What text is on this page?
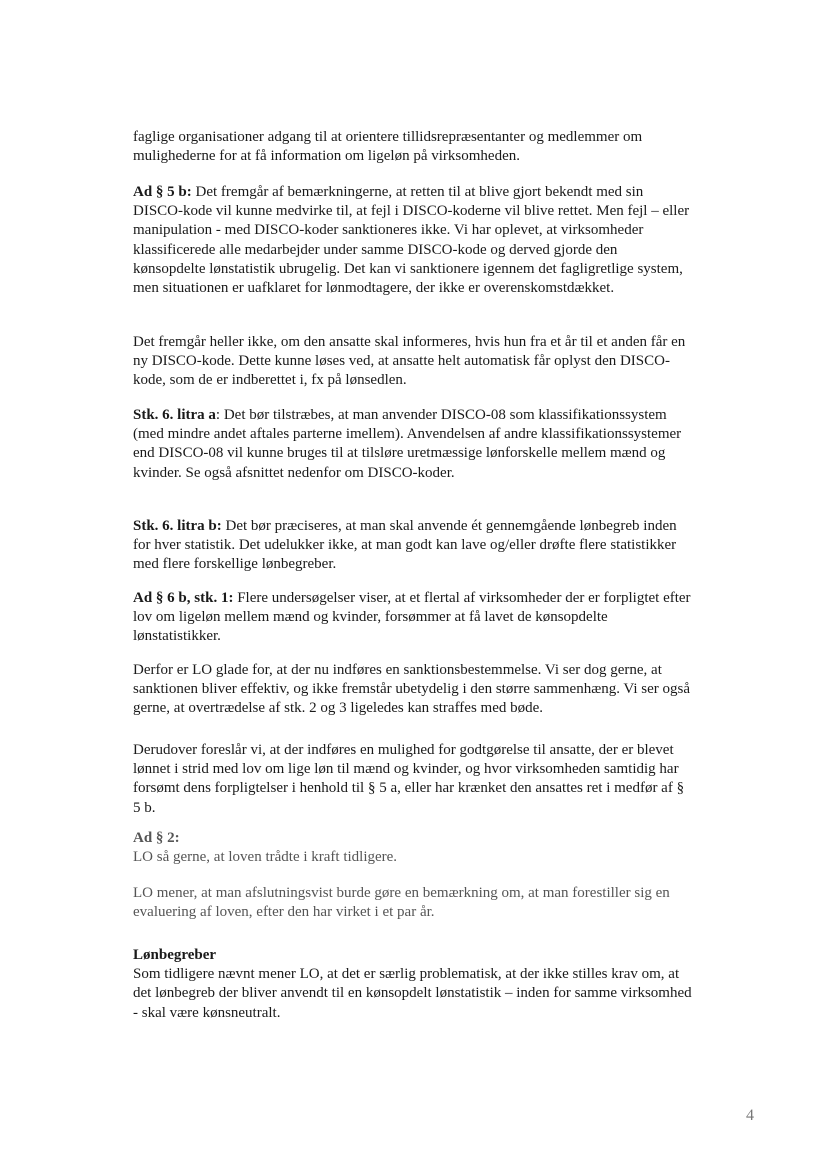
faglige organisationer adgang til at orientere tillidsrepræsentanter og medlemmer om mulighederne for at få information om ligeløn på virksomheden.

Ad § 5 b: Det fremgår af bemærkningerne, at retten til at blive gjort bekendt med sin DISCO-kode vil kunne medvirke til, at fejl i DISCO-koderne vil blive rettet. Men fejl – eller manipulation - med DISCO-koder sanktioneres ikke. Vi har oplevet, at virksomheder klassificerede alle medarbejder under samme DISCO-kode og derved gjorde den kønsopdelte lønstatistik ubrugelig. Det kan vi sanktionere igennem det fagligretlige system, men situationen er uafklaret for lønmodtagere, der ikke er overenskomstdækket.

Det fremgår heller ikke, om den ansatte skal informeres, hvis hun fra et år til et anden får en ny DISCO-kode. Dette kunne løses ved, at ansatte helt automatisk får oplyst den DISCO-kode, som de er indberettet i, fx på lønsedlen.

Stk. 6. litra a: Det bør tilstræbes, at man anvender DISCO-08 som klassifikationssystem (med mindre andet aftales parterne imellem). Anvendelsen af andre klassifikationssystemer end DISCO-08 vil kunne bruges til at tilsløre uretmæssige lønforskelle mellem mænd og kvinder. Se også afsnittet nedenfor om DISCO-koder.

Stk. 6. litra b: Det bør præciseres, at man skal anvende ét gennemgående lønbegreb inden for hver statistik. Det udelukker ikke, at man godt kan lave og/eller drøfte flere statistikker med flere forskellige lønbegreber.

Ad § 6 b, stk. 1: Flere undersøgelser viser, at et flertal af virksomheder der er forpligtet efter lov om ligeløn mellem mænd og kvinder, forsømmer at få lavet de kønsopdelte lønstatistikker.

Derfor er LO glade for, at der nu indføres en sanktionsbestemmelse. Vi ser dog gerne, at sanktionen bliver effektiv, og ikke fremstår ubetydelig i den større sammenhæng. Vi ser også gerne, at overtrædelse af stk. 2 og 3 ligeledes kan straffes med bøde.

Derudover foreslår vi, at der indføres en mulighed for godtgørelse til ansatte, der er blevet lønnet i strid med lov om lige løn til mænd og kvinder, og hvor virksomheden samtidig har forsømt dens forpligtelser i henhold til § 5 a, eller har krænket den ansattes ret i medfør af § 5 b.

Ad § 2:
LO så gerne, at loven trådte i kraft tidligere.

LO mener, at man afslutningsvist burde gøre en bemærkning om, at man forestiller sig en evaluering af loven, efter den har virket i et par år.

Lønbegreber
Som tidligere nævnt mener LO, at det er særlig problematisk, at der ikke stilles krav om, at det lønbegreb der bliver anvendt til en kønsopdelt lønstatistik – inden for samme virksomhed - skal være kønsneutralt.

4
